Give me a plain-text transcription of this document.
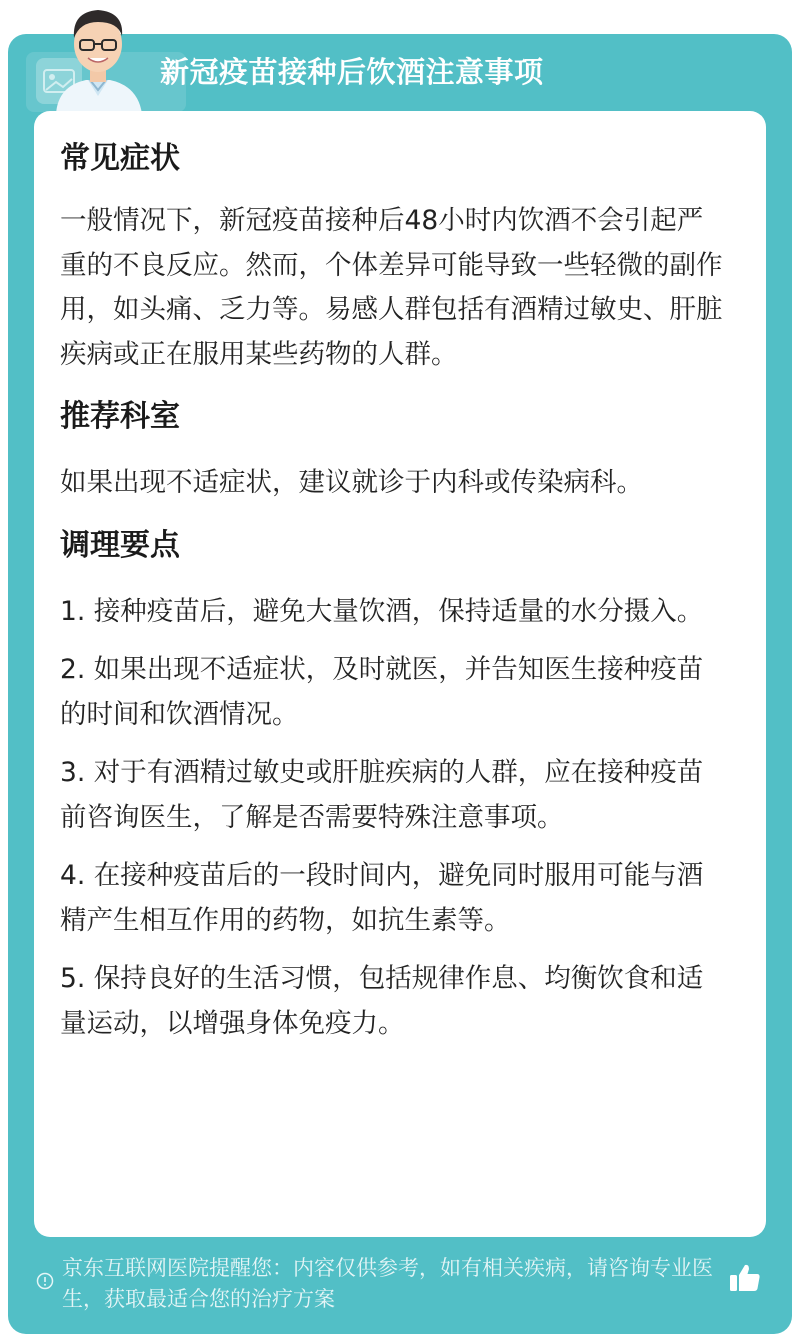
新冠疫苗接种后饮酒注意事项
常见症状

一般情况下，新冠疫苗接种后48小时内饮酒不会引起严重的不良反应。然而，个体差异可能导致一些轻微的副作用，如头痛、乏力等。易感人群包括有酒精过敏史、肝脏疾病或正在服用某些药物的人群。

推荐科室

如果出现不适症状，建议就诊于内科或传染病科。

调理要点

1. 接种疫苗后，避免大量饮酒，保持适量的水分摄入。

2. 如果出现不适症状，及时就医，并告知医生接种疫苗的时间和饮酒情况。

3. 对于有酒精过敏史或肝脏疾病的人群，应在接种疫苗前咨询医生，了解是否需要特殊注意事项。

4. 在接种疫苗后的一段时间内，避免同时服用可能与酒精产生相互作用的药物，如抗生素等。

5. 保持良好的生活习惯，包括规律作息、均衡饮食和适量运动，以增强身体免疫力。

京东互联网医院提醒您：内容仅供参考，如有相关疾病，请咨询专业医生，获取最适合您的治疗方案
